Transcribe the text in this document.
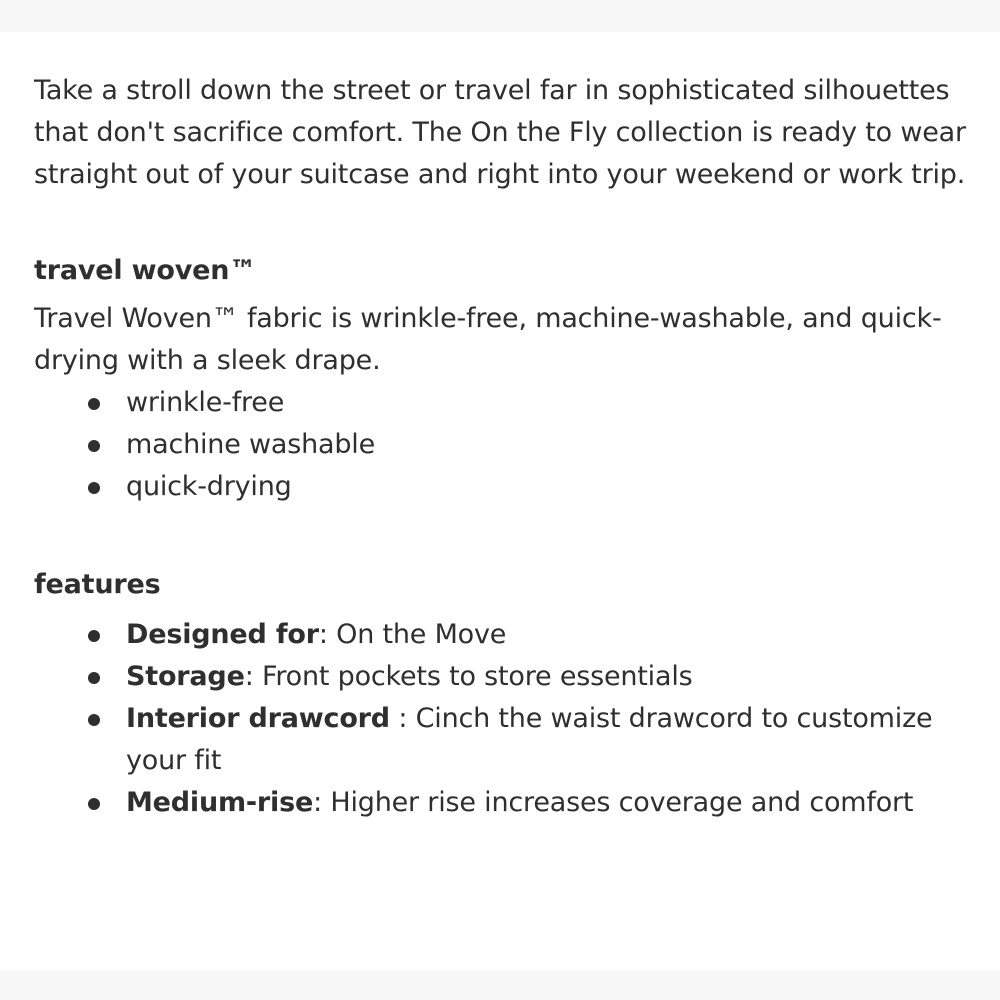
Take a stroll down the street or travel far in sophisticated silhouettes that don't sacrifice comfort. The On the Fly collection is ready to wear straight out of your suitcase and right into your weekend or work trip.

travel woven™

Travel Woven™ fabric is wrinkle-free, machine-washable, and quick-drying with a sleek drape.

wrinkle-free
machine washable
quick-drying

features

Designed for: On the Move
Storage: Front pockets to store essentials
Interior drawcord : Cinch the waist drawcord to customize your fit
Medium-rise: Higher rise increases coverage and comfort
